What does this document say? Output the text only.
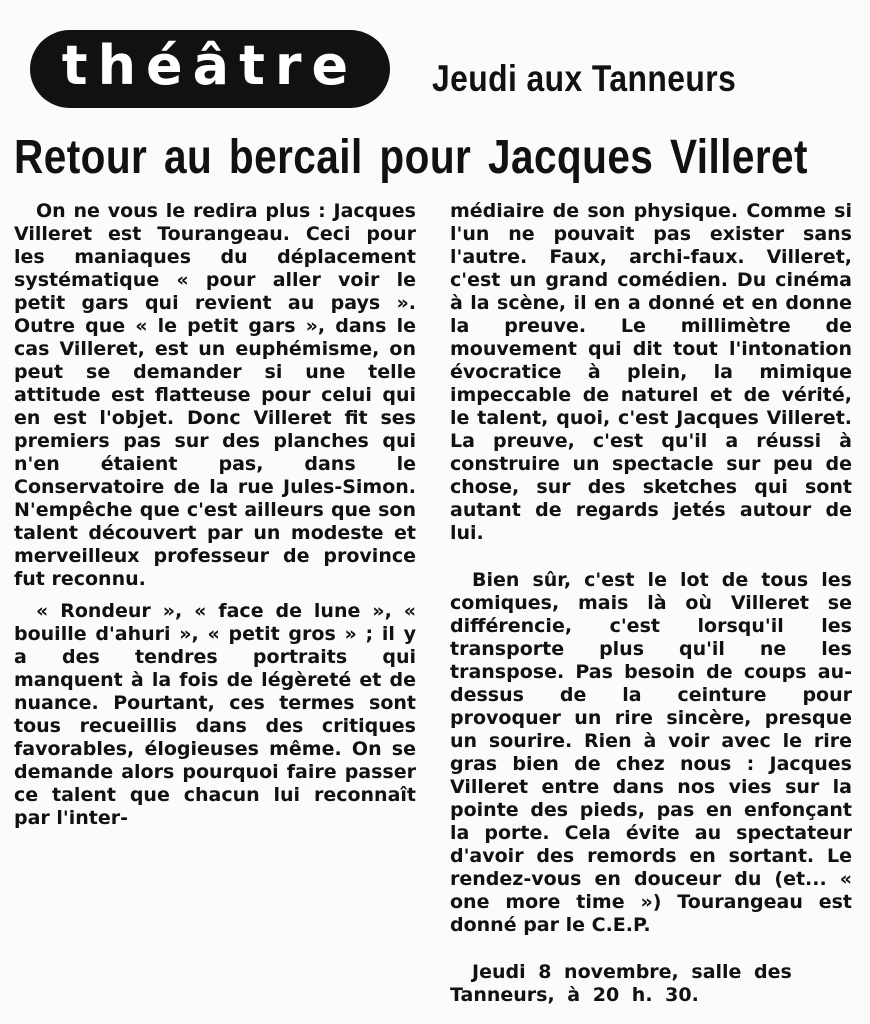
théâtre Jeudi aux Tanneurs
Retour au bercail pour Jacques Villeret

On ne vous le redira plus : Jacques Villeret est Tourangeau. Ceci pour les maniaques du déplacement systématique « pour aller voir le petit gars qui revient au pays ». Outre que « le petit gars », dans le cas Villeret, est un euphémisme, on peut se demander si une telle attitude est flatteuse pour celui qui en est l'objet. Donc Villeret fit ses premiers pas sur des planches qui n'en étaient pas, dans le Conservatoire de la rue Jules-Simon. N'empêche que c'est ailleurs que son talent découvert par un modeste et merveilleux professeur de province fut reconnu.

« Rondeur », « face de lune », « bouille d'ahuri », « petit gros » ; il y a des tendres portraits qui manquent à la fois de légèreté et de nuance. Pourtant, ces termes sont tous recueillis dans des critiques favorables, élogieuses même. On se demande alors pourquoi faire passer ce talent que chacun lui reconnaît par l'inter-

médiaire de son physique. Comme si l'un ne pouvait pas exister sans l'autre. Faux, archi-faux. Villeret, c'est un grand comédien. Du cinéma à la scène, il en a donné et en donne la preuve. Le millimètre de mouvement qui dit tout l'intonation évocratice à plein, la mimique impeccable de naturel et de vérité, le talent, quoi, c'est Jacques Villeret. La preuve, c'est qu'il a réussi à construire un spectacle sur peu de chose, sur des sketches qui sont autant de regards jetés autour de lui.

Bien sûr, c'est le lot de tous les comiques, mais là où Villeret se différencie, c'est lorsqu'il les transporte plus qu'il ne les transpose. Pas besoin de coups au-dessus de la ceinture pour provoquer un rire sincère, presque un sourire. Rien à voir avec le rire gras bien de chez nous : Jacques Villeret entre dans nos vies sur la pointe des pieds, pas en enfonçant la porte. Cela évite au spectateur d'avoir des remords en sortant. Le rendez-vous en douceur du (et... « one more time ») Tourangeau est donné par le C.E.P.

Jeudi 8 novembre, salle des
Tanneurs, à 20 h. 30.
